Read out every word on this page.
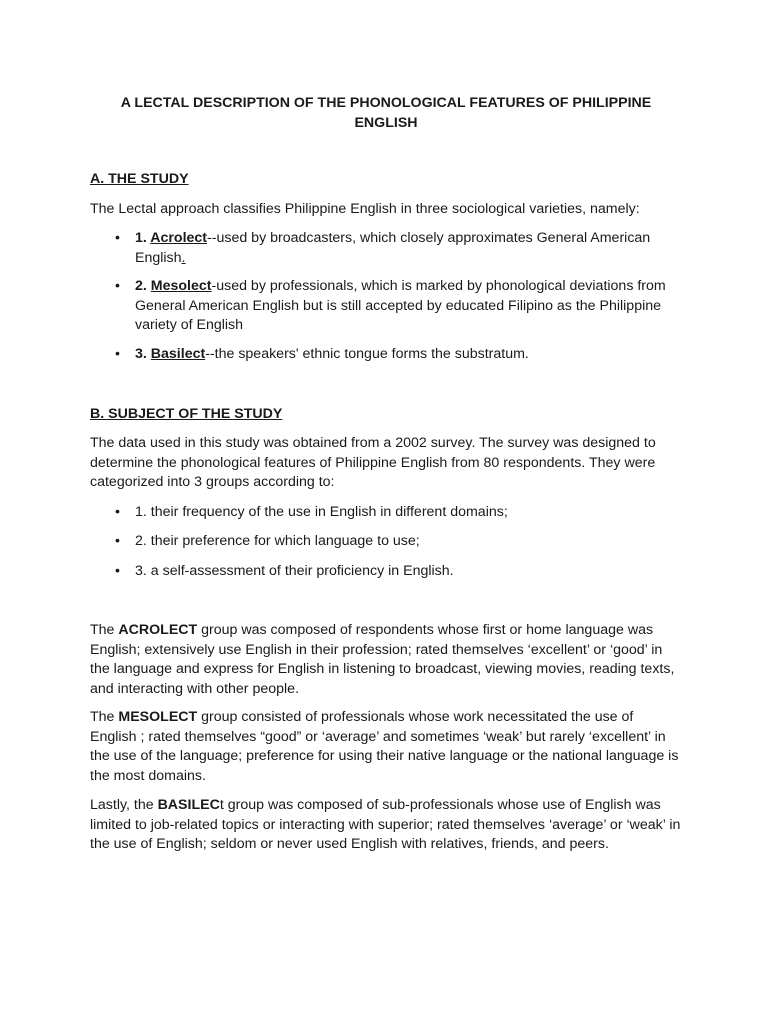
A LECTAL DESCRIPTION OF THE PHONOLOGICAL FEATURES OF PHILIPPINE ENGLISH
A. THE STUDY

The Lectal approach classifies Philippine English in three sociological varieties, namely:

• 1. Acrolect--used by broadcasters, which closely approximates General American English.
• 2. Mesolect-used by professionals, which is marked by phonological deviations from General American English but is still accepted by educated Filipino as the Philippine variety of English
• 3. Basilect--the speakers' ethnic tongue forms the substratum.
B. SUBJECT OF THE STUDY

The data used in this study was obtained from a 2002 survey. The survey was designed to determine the phonological features of Philippine English from 80 respondents. They were categorized into 3 groups according to:

• 1. their frequency of the use in English in different domains;
• 2. their preference for which language to use;
• 3. a self-assessment of their proficiency in English.

The ACROLECT group was composed of respondents whose first or home language was English; extensively use English in their profession; rated themselves ‘excellent’ or ‘good’ in the language and express for English in listening to broadcast, viewing movies, reading texts, and interacting with other people.

The MESOLECT group consisted of professionals whose work necessitated the use of English ; rated themselves “good” or ‘average’ and sometimes ‘weak’ but rarely ‘excellent’ in the use of the language; preference for using their native language or the national language is the most domains.

Lastly, the BASILECt group was composed of sub-professionals whose use of English was limited to job-related topics or interacting with superior; rated themselves ‘average’ or ‘weak’ in the use of English; seldom or never used English with relatives, friends, and peers.
